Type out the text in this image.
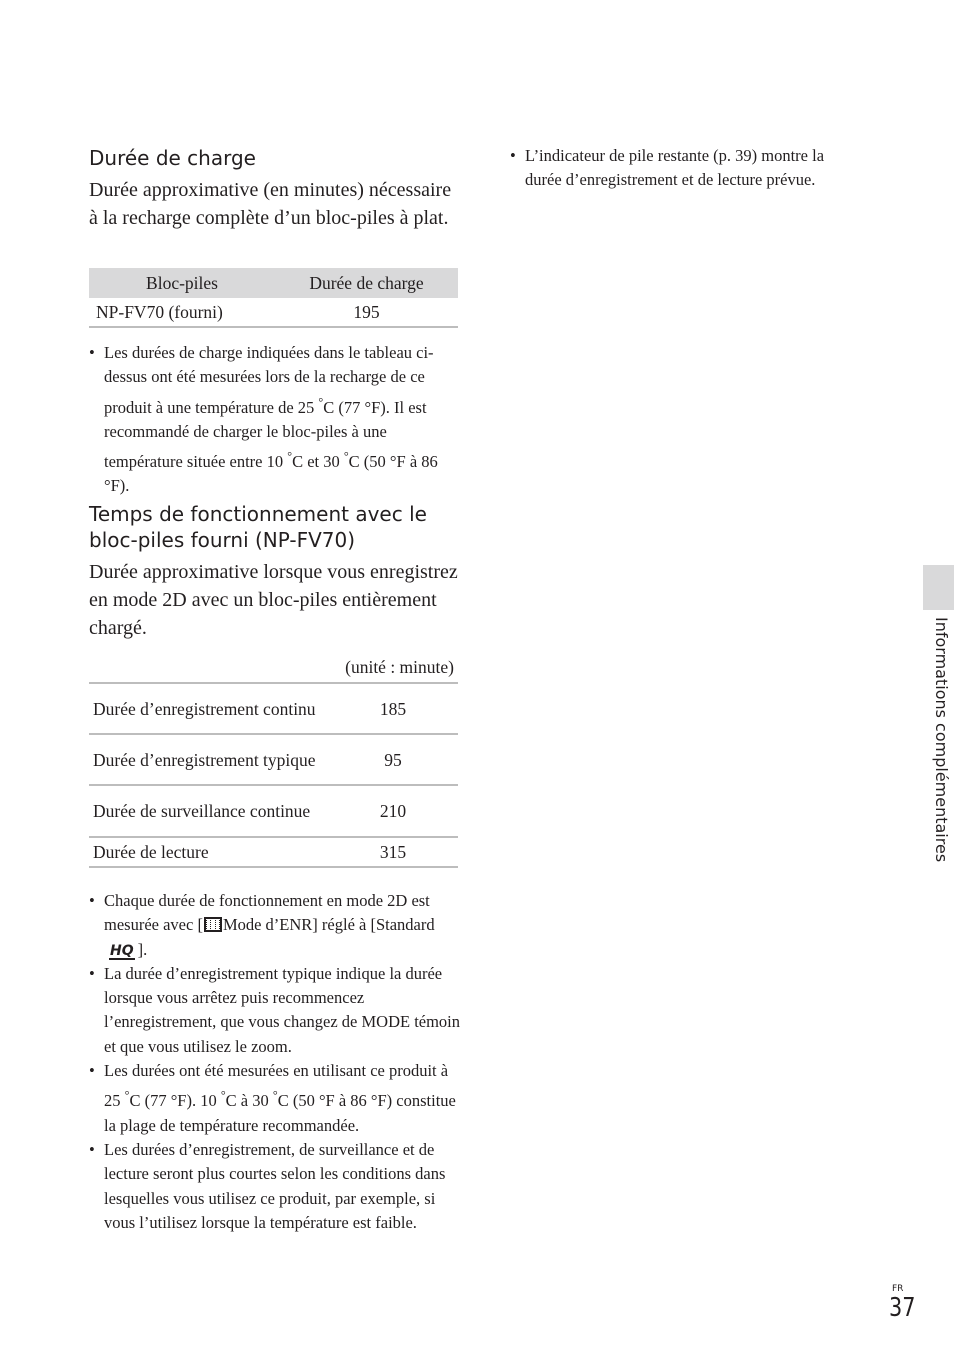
Durée de charge
Durée approximative (en minutes) nécessaire à la recharge complète d’un bloc-piles à plat.
Bloc-piles	Durée de charge
NP-FV70 (fourni)	195
• Les durées de charge indiquées dans le tableau ci-dessus ont été mesurées lors de la recharge de ce produit à une température de 25 °C (77 °F). Il est recommandé de charger le bloc-piles à une température située entre 10 °C et 30 °C (50 °F à 86 °F).
Temps de fonctionnement avec le bloc-piles fourni (NP-FV70)
Durée approximative lorsque vous enregistrez en mode 2D avec un bloc-piles entièrement chargé.
(unité : minute)
Durée d’enregistrement continu	185
Durée d’enregistrement typique	95
Durée de surveillance continue	210
Durée de lecture	315
• Chaque durée de fonctionnement en mode 2D est mesurée avec [ Mode d’ENR] réglé à [StandardHQ ].
• La durée d’enregistrement typique indique la durée lorsque vous arrêtez puis recommencez l’enregistrement, que vous changez de MODE témoin et que vous utilisez le zoom.
• Les durées ont été mesurées en utilisant ce produit à 25 °C (77 °F). 10 °C à 30 °C (50 °F à 86 °F) constitue la plage de température recommandée.
• Les durées d’enregistrement, de surveillance et de lecture seront plus courtes selon les conditions dans lesquelles vous utilisez ce produit, par exemple, si vous l’utilisez lorsque la température est faible.
• L’indicateur de pile restante (p. 39) montre la durée d’enregistrement et de lecture prévue.
Informations complémentaires
FR
37
